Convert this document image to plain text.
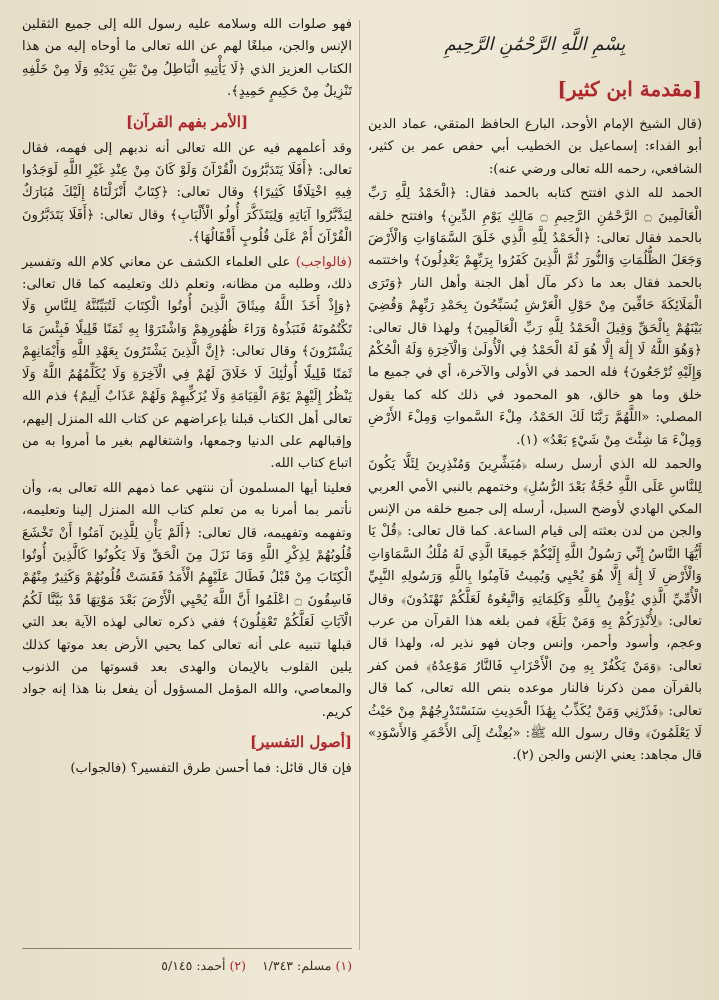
بِسْمِ اللَّهِ الرَّحْمَٰنِ الرَّحِيمِ
[مقدمة ابن كثير]

(قال الشيخ الإمام الأوحد، البارع الحافظ المتقي، عماد الدين أبو الفداء: إسماعيل بن الخطيب أبي حفص عمر بن كثير، الشافعي، رحمه الله تعالى ورضي عنه):

الحمد لله الذي افتتح كتابه بالحمد فقال: ﴿الْحَمْدُ لِلَّهِ رَبِّ الْعَالَمِينَ ۝ الرَّحْمَٰنِ الرَّحِيمِ ۝ مَالِكِ يَوْمِ الدِّينِ﴾ وافتتح خلقه بالحمد فقال تعالى: ﴿الْحَمْدُ لِلَّهِ الَّذِي خَلَقَ السَّمَاوَاتِ وَالْأَرْضَ وَجَعَلَ الظُّلُمَاتِ وَالنُّورَ ثُمَّ الَّذِينَ كَفَرُوا بِرَبِّهِمْ يَعْدِلُونَ﴾ واختتمه بالحمد فقال بعد ما ذكر مآل أهل الجنة وأهل النار ﴿وَتَرَى الْمَلَائِكَةَ حَافِّينَ مِنْ حَوْلِ الْعَرْشِ يُسَبِّحُونَ بِحَمْدِ رَبِّهِمْ وَقُضِيَ بَيْنَهُمْ بِالْحَقِّ وَقِيلَ الْحَمْدُ لِلَّهِ رَبِّ الْعَالَمِينَ﴾ ولهذا قال تعالى: ﴿وَهُوَ اللَّهُ لَا إِلَٰهَ إِلَّا هُوَ لَهُ الْحَمْدُ فِي الْأُولَىٰ وَالْآخِرَةِ وَلَهُ الْحُكْمُ وَإِلَيْهِ تُرْجَعُونَ﴾ فله الحمد في الأولى والآخرة، أي في جميع ما خلق وما هو خالق، هو المحمود في ذلك كله كما يقول المصلي: «اللَّهُمَّ رَبَّنَا لَكَ الحَمْدُ، مِلْءَ السَّمواتِ وَمِلْءَ الأَرْضِ وَمِلْءَ مَا شِئْتَ مِنْ شَيْءٍ بَعْدُ» (١).

والحمد لله الذي أرسل رسله ﴿مُبَشِّرِينَ وَمُنْذِرِينَ لِئَلَّا يَكُونَ لِلنَّاسِ عَلَى اللَّهِ حُجَّةٌ بَعْدَ الرُّسُلِ﴾ وختمهم بالنبي الأمي العربي المكي الهادي لأوضح السبل، أرسله إلى جميع خلقه من الإنس والجن من لدن بعثته إلى قيام الساعة. كما قال تعالى: ﴿قُلْ يَا أَيُّهَا النَّاسُ إِنِّي رَسُولُ اللَّهِ إِلَيْكُمْ جَمِيعًا الَّذِي لَهُ مُلْكُ السَّمَاوَاتِ وَالْأَرْضِ لَا إِلَٰهَ إِلَّا هُوَ يُحْيِي وَيُمِيتُ فَآمِنُوا بِاللَّهِ وَرَسُولِهِ النَّبِيِّ الْأُمِّيِّ الَّذِي يُؤْمِنُ بِاللَّهِ وَكَلِمَاتِهِ وَاتَّبِعُوهُ لَعَلَّكُمْ تَهْتَدُونَ﴾ وقال تعالى: ﴿لِأُنْذِرَكُمْ بِهِ وَمَنْ بَلَغَ﴾ فمن بلغه هذا القرآن من عرب وعجم، وأسود وأحمر، وإنس وجان فهو نذير له، ولهذا قال تعالى: ﴿وَمَنْ يَكْفُرْ بِهِ مِنَ الْأَحْزَابِ فَالنَّارُ مَوْعِدُهُ﴾ فمن كفر بالقرآن ممن ذكرنا فالنار موعده بنص الله تعالى، كما قال تعالى: ﴿فَذَرْنِي وَمَنْ يُكَذِّبُ بِهَٰذَا الْحَدِيثِ سَنَسْتَدْرِجُهُمْ مِنْ حَيْثُ لَا يَعْلَمُونَ﴾ وقال رسول الله ﷺ: «بُعِثْتُ إِلَى الأَحْمَرِ وَالأَسْوَدِ» قال مجاهد: يعني الإنس والجن (٢).

فهو صلوات الله وسلامه عليه رسول الله إلى جميع الثقلين الإنس والجن، مبلغًا لهم عن الله تعالى ما أوحاه إليه من هذا الكتاب العزيز الذي ﴿لَا يَأْتِيهِ الْبَاطِلُ مِنْ بَيْنِ يَدَيْهِ وَلَا مِنْ خَلْفِهِ تَنْزِيلٌ مِنْ حَكِيمٍ حَمِيدٍ﴾.

[الأمر بفهم القرآن]

وقد أعلمهم فيه عن الله تعالى أنه ندبهم إلى فهمه، فقال تعالى: ﴿أَفَلَا يَتَدَبَّرُونَ الْقُرْآنَ وَلَوْ كَانَ مِنْ عِنْدِ غَيْرِ اللَّهِ لَوَجَدُوا فِيهِ اخْتِلَافًا كَثِيرًا﴾ وقال تعالى: ﴿كِتَابٌ أَنْزَلْنَاهُ إِلَيْكَ مُبَارَكٌ لِيَدَّبَّرُوا آيَاتِهِ وَلِيَتَذَكَّرَ أُولُو الْأَلْبَابِ﴾ وقال تعالى: ﴿أَفَلَا يَتَدَبَّرُونَ الْقُرْآنَ أَمْ عَلَىٰ قُلُوبٍ أَقْفَالُهَا﴾.

(فالواجب) على العلماء الكشف عن معاني كلام الله وتفسير ذلك، وطلبه من مظانه، وتعلم ذلك وتعليمه كما قال تعالى: ﴿وَإِذْ أَخَذَ اللَّهُ مِيثَاقَ الَّذِينَ أُوتُوا الْكِتَابَ لَتُبَيِّنُنَّهُ لِلنَّاسِ وَلَا تَكْتُمُونَهُ فَنَبَذُوهُ وَرَاءَ ظُهُورِهِمْ وَاشْتَرَوْا بِهِ ثَمَنًا قَلِيلًا فَبِئْسَ مَا يَشْتَرُونَ﴾ وقال تعالى: ﴿إِنَّ الَّذِينَ يَشْتَرُونَ بِعَهْدِ اللَّهِ وَأَيْمَانِهِمْ ثَمَنًا قَلِيلًا أُولَٰئِكَ لَا خَلَاقَ لَهُمْ فِي الْآخِرَةِ وَلَا يُكَلِّمُهُمُ اللَّهُ وَلَا يَنْظُرُ إِلَيْهِمْ يَوْمَ الْقِيَامَةِ وَلَا يُزَكِّيهِمْ وَلَهُمْ عَذَابٌ أَلِيمٌ﴾ فذم الله تعالى أهل الكتاب قبلنا بإعراضهم عن كتاب الله المنزل إليهم، وإقبالهم على الدنيا وجمعها، واشتغالهم بغير ما أمروا به من اتباع كتاب الله.

فعلينا أيها المسلمون أن ننتهي عما ذمهم الله تعالى به، وأن نأتمر بما أمرنا به من تعلم كتاب الله المنزل إلينا وتعليمه، وتفهمه وتفهيمه، قال تعالى: ﴿أَلَمْ يَأْنِ لِلَّذِينَ آمَنُوا أَنْ تَخْشَعَ قُلُوبُهُمْ لِذِكْرِ اللَّهِ وَمَا نَزَلَ مِنَ الْحَقِّ وَلَا يَكُونُوا كَالَّذِينَ أُوتُوا الْكِتَابَ مِنْ قَبْلُ فَطَالَ عَلَيْهِمُ الْأَمَدُ فَقَسَتْ قُلُوبُهُمْ وَكَثِيرٌ مِنْهُمْ فَاسِقُونَ ۝ اعْلَمُوا أَنَّ اللَّهَ يُحْيِي الْأَرْضَ بَعْدَ مَوْتِهَا قَدْ بَيَّنَّا لَكُمُ الْآيَاتِ لَعَلَّكُمْ تَعْقِلُونَ﴾ ففي ذكره تعالى لهذه الآية بعد التي قبلها تنبيه على أنه تعالى كما يحيي الأرض بعد موتها كذلك يلين القلوب بالإيمان والهدى بعد قسوتها من الذنوب والمعاصي، والله المؤمل المسؤول أن يفعل بنا هذا إنه جواد كريم.

[أصول التفسير]

فإن قال قائل: فما أحسن طرق التفسير؟ (فالجواب)

(١) مسلم: ١/٣٤٣    (٢) أحمد: ٥/١٤٥
